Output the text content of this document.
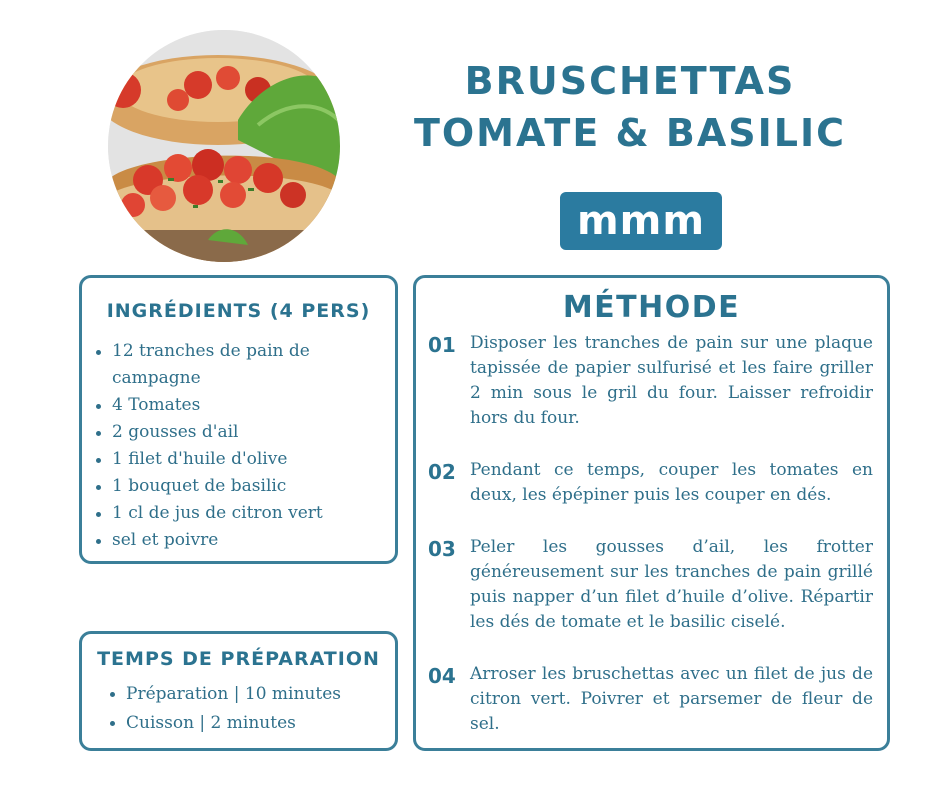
BRUSCHETTAS TOMATE & BASILIC
mmm
INGRÉDIENTS (4 PERS)
12 tranches de pain de campagne
4 Tomates
2 gousses d'ail
1 filet d'huile d'olive
1 bouquet de basilic
1 cl de jus de citron vert
sel et poivre
TEMPS DE PRÉPARATION
Préparation | 10 minutes
Cuisson | 2 minutes
MÉTHODE
01 Disposer les tranches de pain sur une plaque tapissée de papier sulfurisé et les faire griller 2 min sous le gril du four. Laisser refroidir hors du four.
02 Pendant ce temps, couper les tomates en deux, les épépiner puis les couper en dés.
03 Peler les gousses d’ail, les frotter généreusement sur les tranches de pain grillé puis napper d’un filet d’huile d’olive. Répartir les dés de tomate et le basilic ciselé.
04 Arroser les bruschettas avec un filet de jus de citron vert. Poivrer et parsemer de fleur de sel.
